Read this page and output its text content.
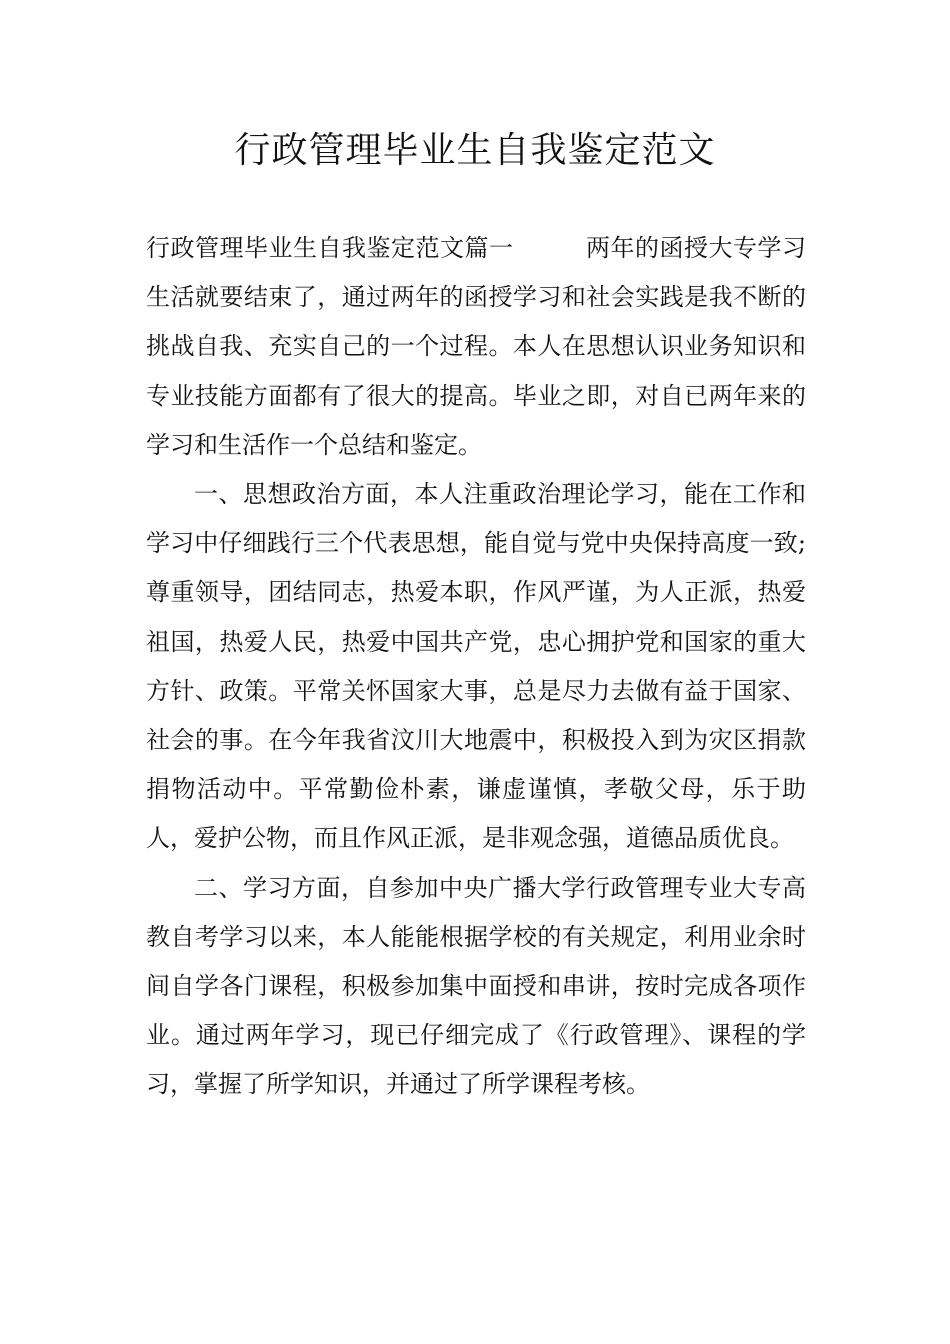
行政管理毕业生自我鉴定范文

行政管理毕业生自我鉴定范文篇一	两年的函授大专学习生活就要结束了，通过两年的函授学习和社会实践是我不断的挑战自我、充实自己的一个过程。本人在思想认识业务知识和专业技能方面都有了很大的提高。毕业之即，对自已两年来的学习和生活作一个总结和鉴定。

一、思想政治方面，本人注重政治理论学习，能在工作和学习中仔细践行三个代表思想，能自觉与党中央保持高度一致;尊重领导，团结同志，热爱本职，作风严谨，为人正派，热爱祖国，热爱人民，热爱中国共产党，忠心拥护党和国家的重大方针、政策。平常关怀国家大事，总是尽力去做有益于国家、社会的事。在今年我省汶川大地震中，积极投入到为灾区捐款捐物活动中。平常勤俭朴素，谦虚谨慎，孝敬父母，乐于助人，爱护公物，而且作风正派，是非观念强，道德品质优良。

二、学习方面，自参加中央广播大学行政管理专业大专高教自考学习以来，本人能能根据学校的有关规定，利用业余时间自学各门课程，积极参加集中面授和串讲，按时完成各项作业。通过两年学习，现已仔细完成了《行政管理》、课程的学习，掌握了所学知识，并通过了所学课程考核。
